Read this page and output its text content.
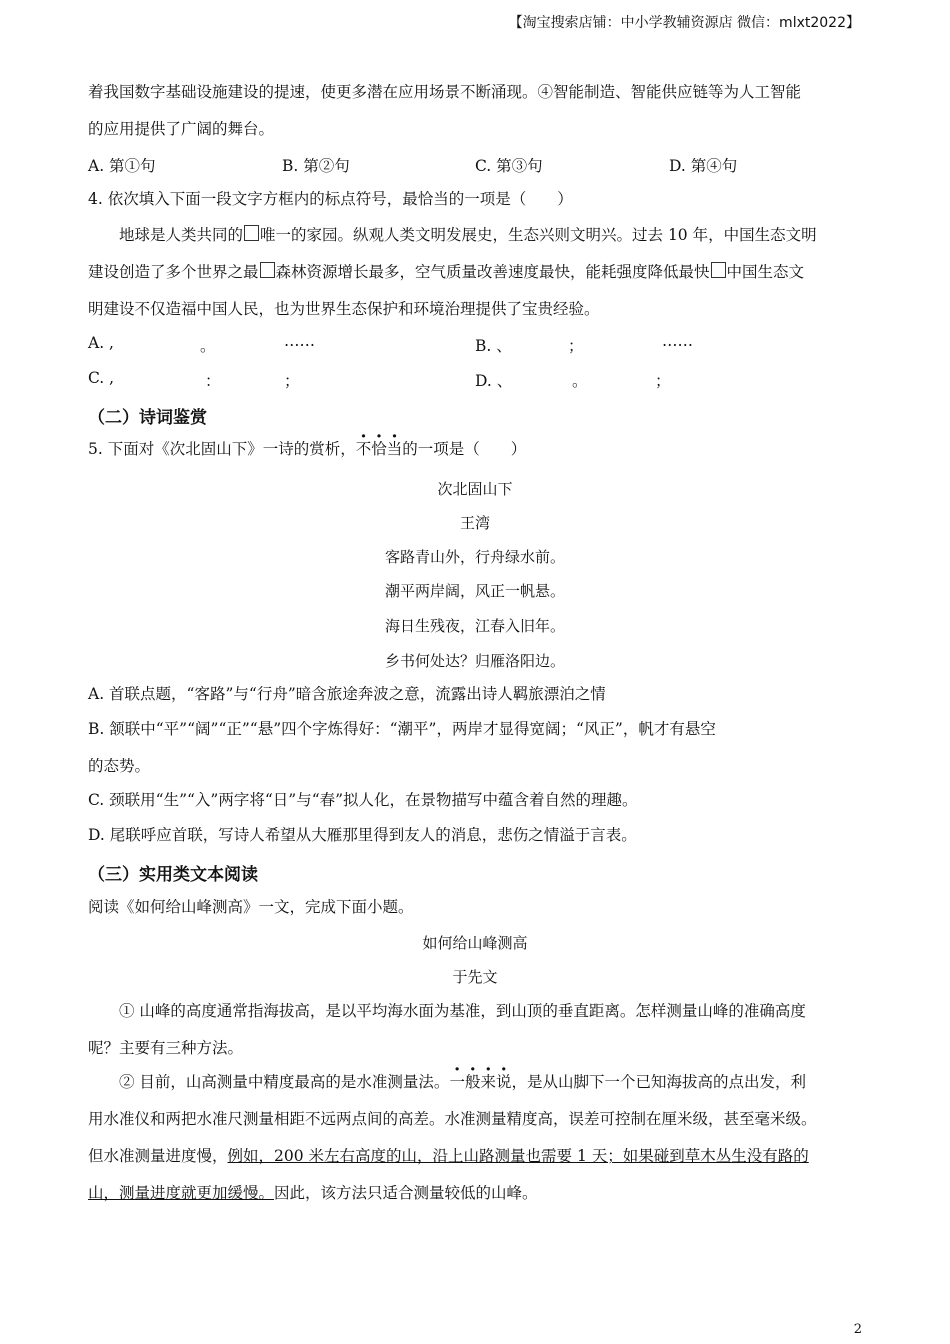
【淘宝搜索店铺：中小学教辅资源店 微信：mlxt2022】
着我国数字基础设施建设的提速，使更多潜在应用场景不断涌现。④智能制造、智能供应链等为人工智能
的应用提供了广阔的舞台。
A. 第①句	B. 第②句	C. 第③句	D. 第④句
4. 依次填入下面一段文字方框内的标点符号，最恰当的一项是（　　）
地球是人类共同的 唯一的家园。纵观人类文明发展史，生态兴则文明兴。过去 10 年，中国生态文明
建设创造了多个世界之最 森林资源增长最多，空气质量改善速度最快，能耗强度降低最快 中国生态文
明建设不仅造福中国人民，也为世界生态保护和环境治理提供了宝贵经验。
A. ,	。	……	B. 、	；	……
C. ,	：	；	D. 、	。	；
（二）诗词鉴赏
5. 下面对《次北固山下》一诗的赏析，不恰当的一项是（　　）
次北固山下
王湾
客路青山外，行舟绿水前。
潮平两岸阔，风正一帆悬。
海日生残夜，江春入旧年。
乡书何处达？归雁洛阳边。
A. 首联点题，“客路”与“行舟”暗含旅途奔波之意，流露出诗人羁旅漂泊之情
B. 颔联中“平”“阔”“正”“悬”四个字炼得好：“潮平”，两岸才显得宽阔；“风正”，帆才有悬空
的态势。
C. 颈联用“生”“入”两字将“日”与“春”拟人化，在景物描写中蕴含着自然的理趣。
D. 尾联呼应首联，写诗人希望从大雁那里得到友人的消息，悲伤之情溢于言表。
（三）实用类文本阅读
阅读《如何给山峰测高》一文，完成下面小题。
如何给山峰测高
于先文
① 山峰的高度通常指海拔高，是以平均海水面为基准，到山顶的垂直距离。怎样测量山峰的准确高度
呢？主要有三种方法。
② 目前，山高测量中精度最高的是水准测量法。一般来说，是从山脚下一个已知海拔高的点出发，利
用水准仪和两把水准尺测量相距不远两点间的高差。水准测量精度高，误差可控制在厘米级，甚至毫米级。
但水准测量进度慢，例如，200 米左右高度的山，沿上山路测量也需要 1 天；如果碰到草木丛生没有路的
山，测量进度就更加缓慢。因此，该方法只适合测量较低的山峰。
2
